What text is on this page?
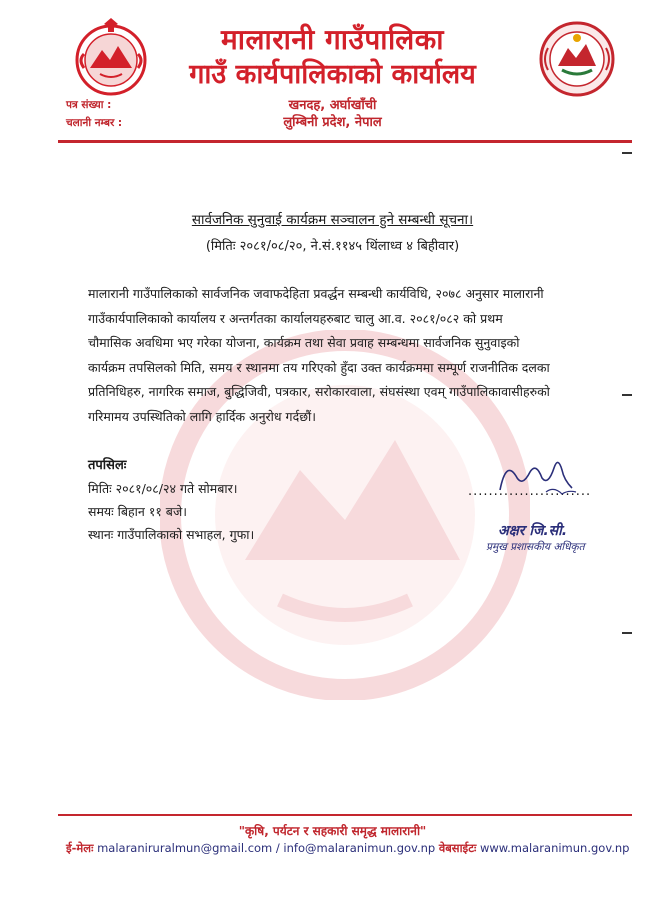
मालारानी गाउँपालिका
गाउँ कार्यपालिकाको कार्यालय
खनदह, अर्घाखाँची
लुम्बिनी प्रदेश, नेपाल
पत्र संख्या :
चलानी नम्बर :
सार्वजनिक सुनुवाई कार्यक्रम सञ्चालन हुने सम्बन्धी सूचना।
(मितिः २०८१/०८/२०, ने.सं.११४५ थिंलाध्व ४ बिहीवार)
मालारानी गाउँपालिकाको सार्वजनिक जवाफदेहिता प्रवर्द्धन सम्बन्धी कार्यविधि, २०७८ अनुसार मालारानी
गाउँकार्यपालिकाको कार्यालय र अन्तर्गतका कार्यालयहरुबाट चालु आ.व. २०८१/०८२ को प्रथम
चौमासिक अवधिमा भए गरेका योजना, कार्यक्रम तथा सेवा प्रवाह सम्बन्धमा सार्वजनिक सुनुवाइको
कार्यक्रम तपसिलको मिति, समय र स्थानमा तय गरिएको हुँदा उक्त कार्यक्रममा सम्पूर्ण राजनीतिक दलका
प्रतिनिधिहरु, नागरिक समाज, बुद्धिजिवी, पत्रकार, सरोकारवाला, संघसंस्था एवम् गाउँपालिकावासीहरुको
गरिमामय उपस्थितिको लागि हार्दिक अनुरोध गर्दछौं।
तपसिलः
मितिः २०८१/०८/२४ गते सोमबार।
समयः बिहान ११ बजे।
स्थानः गाउँपालिकाको सभाहल, गुफा।
........................
अक्षर जि.सी.
प्रमुख प्रशासकीय अधिकृत
"कृषि, पर्यटन र सहकारी समृद्ध मालारानी"
ई-मेलः malaraniruralmun@gmail.com / info@malaranimun.gov.np वेबसाईटः www.malaranimun.gov.np
